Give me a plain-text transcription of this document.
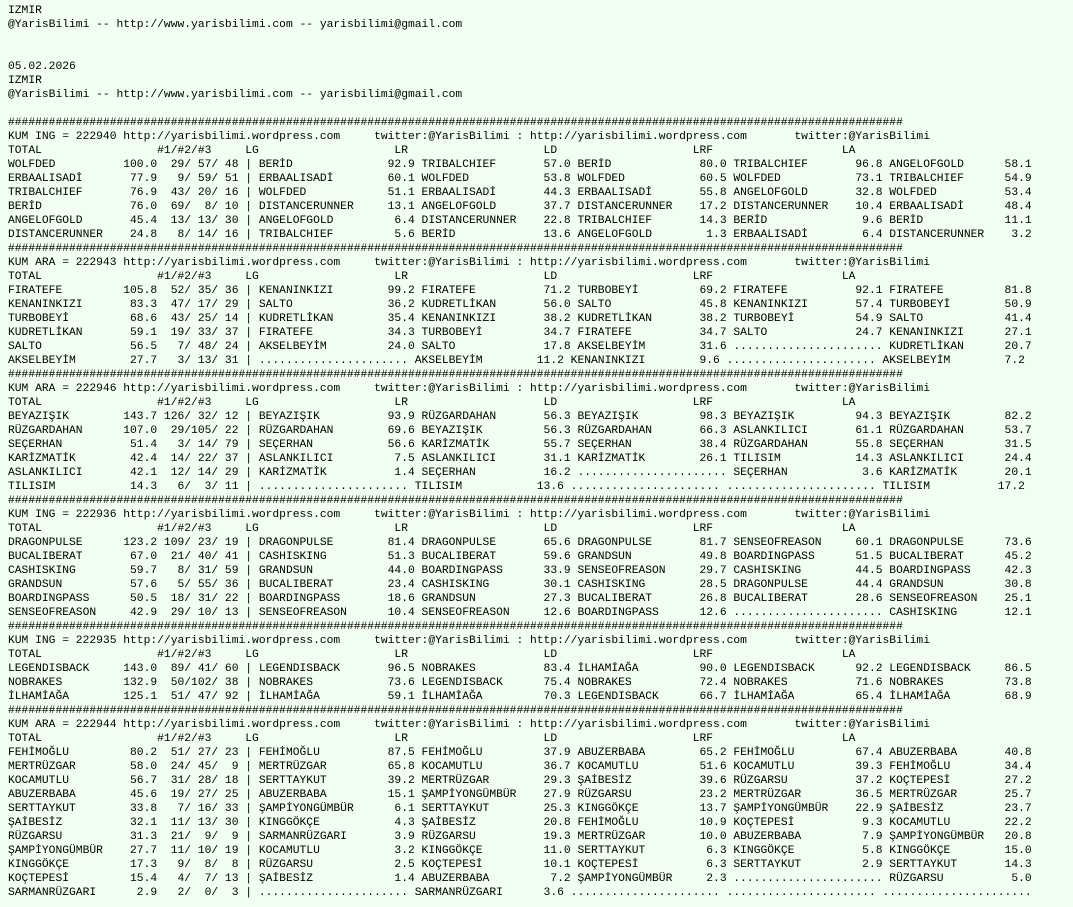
IZMIR
@YarisBilimi -- http://www.yarisbilimi.com -- yarisbilimi@gmail.com

05.02.2026
IZMIR
@YarisBilimi -- http://www.yarisbilimi.com -- yarisbilimi@gmail.com

####################################################################################################################################
KUM ING = 222940 http://yarisbilimi.wordpress.com     twitter:@YarisBilimi : http://yarisbilimi.wordpress.com       twitter:@YarisBilimi
TOTAL                 #1/#2/#3     LG                    LR                    LD                    LRF                   LA
WOLFDED          100.0  29/ 57/ 48 | BERİD              92.9 TRIBALCHIEF       57.0 BERİD             80.0 TRIBALCHIEF       96.8 ANGELOFGOLD      58.1
ERBAALISADİ       77.9   9/ 59/ 51 | ERBAALISADİ        60.1 WOLFDED           53.8 WOLFDED           60.5 WOLFDED           73.1 TRIBALCHIEF      54.9
TRIBALCHIEF       76.9  43/ 20/ 16 | WOLFDED            51.1 ERBAALISADİ       44.3 ERBAALISADİ       55.8 ANGELOFGOLD       32.8 WOLFDED          53.4
BERİD             76.0  69/  8/ 10 | DISTANCERUNNER     13.1 ANGELOFGOLD       37.7 DISTANCERUNNER    17.2 DISTANCERUNNER    10.4 ERBAALISADİ      48.4
ANGELOFGOLD       45.4  13/ 13/ 30 | ANGELOFGOLD         6.4 DISTANCERUNNER    22.8 TRIBALCHIEF       14.3 BERİD              9.6 BERİD            11.1
DISTANCERUNNER    24.8   8/ 14/ 16 | TRIBALCHIEF         5.6 BERİD             13.6 ANGELOFGOLD        1.3 ERBAALISADİ        6.4 DISTANCERUNNER    3.2
####################################################################################################################################
KUM ARA = 222943 http://yarisbilimi.wordpress.com     twitter:@YarisBilimi : http://yarisbilimi.wordpress.com       twitter:@YarisBilimi
TOTAL                 #1/#2/#3     LG                    LR                    LD                    LRF                   LA
FIRATEFE         105.8  52/ 35/ 36 | KENANINKIZI        99.2 FIRATEFE          71.2 TURBOBEYİ         69.2 FIRATEFE          92.1 FIRATEFE         81.8
KENANINKIZI       83.3  47/ 17/ 29 | SALTO              36.2 KUDRETLİKAN       56.0 SALTO             45.8 KENANINKIZI       57.4 TURBOBEYİ        50.9
TURBOBEYİ         68.6  43/ 25/ 14 | KUDRETLİKAN        35.4 KENANINKIZI       38.2 KUDRETLİKAN       38.2 TURBOBEYİ         54.9 SALTO            41.4
KUDRETLİKAN       59.1  19/ 33/ 37 | FIRATEFE           34.3 TURBOBEYİ         34.7 FIRATEFE          34.7 SALTO             24.7 KENANINKIZI      27.1
SALTO             56.5   7/ 48/ 24 | AKSELBEYİM         24.0 SALTO             17.8 AKSELBEYİM        31.6 ...................... KUDRETLİKAN      20.7
AKSELBEYİM        27.7   3/ 13/ 31 | ...................... AKSELBEYİM        11.2 KENANINKIZI        9.6 ...................... AKSELBEYİM        7.2
####################################################################################################################################
KUM ARA = 222946 http://yarisbilimi.wordpress.com     twitter:@YarisBilimi : http://yarisbilimi.wordpress.com       twitter:@YarisBilimi
TOTAL                 #1/#2/#3     LG                    LR                    LD                    LRF                   LA
BEYAZIŞIK        143.7 126/ 32/ 12 | BEYAZIŞIK          93.9 RÜZGARDAHAN       56.3 BEYAZIŞIK         98.3 BEYAZIŞIK         94.3 BEYAZIŞIK        82.2
RÜZGARDAHAN      107.0  29/105/ 22 | RÜZGARDAHAN        69.6 BEYAZIŞIK         56.3 RÜZGARDAHAN       66.3 ASLANKILICI       61.1 RÜZGARDAHAN      53.7
SEÇERHAN          51.4   3/ 14/ 79 | SEÇERHAN           56.6 KARİZMATİK        55.7 SEÇERHAN          38.4 RÜZGARDAHAN       55.8 SEÇERHAN         31.5
KARİZMATİK        42.4  14/ 22/ 37 | ASLANKILICI         7.5 ASLANKILICI       31.1 KARİZMATİK        26.1 TILISIM           14.3 ASLANKILICI      24.4
ASLANKILICI       42.1  12/ 14/ 29 | KARİZMATİK          1.4 SEÇERHAN          16.2 ...................... SEÇERHAN           3.6 KARİZMATİK       20.1
TILISIM           14.3   6/  3/ 11 | ...................... TILISIM           13.6 ...................... ...................... TILISIM          17.2
####################################################################################################################################
KUM ING = 222936 http://yarisbilimi.wordpress.com     twitter:@YarisBilimi : http://yarisbilimi.wordpress.com       twitter:@YarisBilimi
TOTAL                 #1/#2/#3     LG                    LR                    LD                    LRF                   LA
DRAGONPULSE      123.2 109/ 23/ 19 | DRAGONPULSE        81.4 DRAGONPULSE       65.6 DRAGONPULSE       81.7 SENSEOFREASON     60.1 DRAGONPULSE      73.6
BUCALIBERAT       67.0  21/ 40/ 41 | CASHISKING         51.3 BUCALIBERAT       59.6 GRANDSUN          49.8 BOARDINGPASS      51.5 BUCALIBERAT      45.2
CASHISKING        59.7   8/ 31/ 59 | GRANDSUN           44.0 BOARDINGPASS      33.9 SENSEOFREASON     29.7 CASHISKING        44.5 BOARDINGPASS     42.3
GRANDSUN          57.6   5/ 55/ 36 | BUCALIBERAT        23.4 CASHISKING        30.1 CASHISKING        28.5 DRAGONPULSE       44.4 GRANDSUN         30.8
BOARDINGPASS      50.5  18/ 31/ 22 | BOARDINGPASS       18.6 GRANDSUN          27.3 BUCALIBERAT       26.8 BUCALIBERAT       28.6 SENSEOFREASON    25.1
SENSEOFREASON     42.9  29/ 10/ 13 | SENSEOFREASON      10.4 SENSEOFREASON     12.6 BOARDINGPASS      12.6 ...................... CASHISKING       12.1
####################################################################################################################################
KUM ING = 222935 http://yarisbilimi.wordpress.com     twitter:@YarisBilimi : http://yarisbilimi.wordpress.com       twitter:@YarisBilimi
TOTAL                 #1/#2/#3     LG                    LR                    LD                    LRF                   LA
LEGENDISBACK     143.0  89/ 41/ 60 | LEGENDISBACK       96.5 NOBRAKES          83.4 İLHAMİAĞA         90.0 LEGENDISBACK      92.2 LEGENDISBACK     86.5
NOBRAKES         132.9  50/102/ 38 | NOBRAKES           73.6 LEGENDISBACK      75.4 NOBRAKES          72.4 NOBRAKES          71.6 NOBRAKES         73.8
İLHAMİAĞA        125.1  51/ 47/ 92 | İLHAMİAĞA          59.1 İLHAMİAĞA         70.3 LEGENDISBACK      66.7 İLHAMİAĞA         65.4 İLHAMİAĞA        68.9
####################################################################################################################################
KUM ARA = 222944 http://yarisbilimi.wordpress.com     twitter:@YarisBilimi : http://yarisbilimi.wordpress.com       twitter:@YarisBilimi
TOTAL                 #1/#2/#3     LG                    LR                    LD                    LRF                   LA
FEHİMOĞLU         80.2  51/ 27/ 23 | FEHİMOĞLU          87.5 FEHİMOĞLU         37.9 ABUZERBABA        65.2 FEHİMOĞLU         67.4 ABUZERBABA       40.8
MERTRÜZGAR        58.0  24/ 45/  9 | MERTRÜZGAR         65.8 KOCAMUTLU         36.7 KOCAMUTLU         51.6 KOCAMUTLU         39.3 FEHİMOĞLU        34.4
KOCAMUTLU         56.7  31/ 28/ 18 | SERTTAYKUT         39.2 MERTRÜZGAR        29.3 ŞAİBESİZ          39.6 RÜZGARSU          37.2 KOÇTEPESİ        27.2
ABUZERBABA        45.6  19/ 27/ 25 | ABUZERBABA         15.1 ŞAMPİYONGÜMBÜR    27.9 RÜZGARSU          23.2 MERTRÜZGAR        36.5 MERTRÜZGAR       25.7
SERTTAYKUT        33.8   7/ 16/ 33 | ŞAMPİYONGÜMBÜR      6.1 SERTTAYKUT        25.3 KINGGÖKÇE         13.7 ŞAMPİYONGÜMBÜR    22.9 ŞAİBESİZ         23.7
ŞAİBESİZ          32.1  11/ 13/ 30 | KINGGÖKÇE           4.3 ŞAİBESİZ          20.8 FEHİMOĞLU         10.9 KOÇTEPESİ          9.3 KOCAMUTLU        22.2
RÜZGARSU          31.3  21/  9/  9 | SARMANRÜZGARI       3.9 RÜZGARSU          19.3 MERTRÜZGAR        10.0 ABUZERBABA         7.9 ŞAMPİYONGÜMBÜR   20.8
ŞAMPİYONGÜMBÜR    27.7  11/ 10/ 19 | KOCAMUTLU           3.2 KINGGÖKÇE         11.0 SERTTAYKUT         6.3 KINGGÖKÇE          5.8 KINGGÖKÇE        15.0
KINGGÖKÇE         17.3   9/  8/  8 | RÜZGARSU            2.5 KOÇTEPESİ         10.1 KOÇTEPESİ          6.3 SERTTAYKUT         2.9 SERTTAYKUT       14.3
KOÇTEPESİ         15.4   4/  7/ 13 | ŞAİBESİZ            1.4 ABUZERBABA         7.2 ŞAMPİYONGÜMBÜR     2.3 ...................... RÜZGARSU          5.0
SARMANRÜZGARI      2.9   2/  0/  3 | ...................... SARMANRÜZGARI      3.6 ...................... ...................... ......................
